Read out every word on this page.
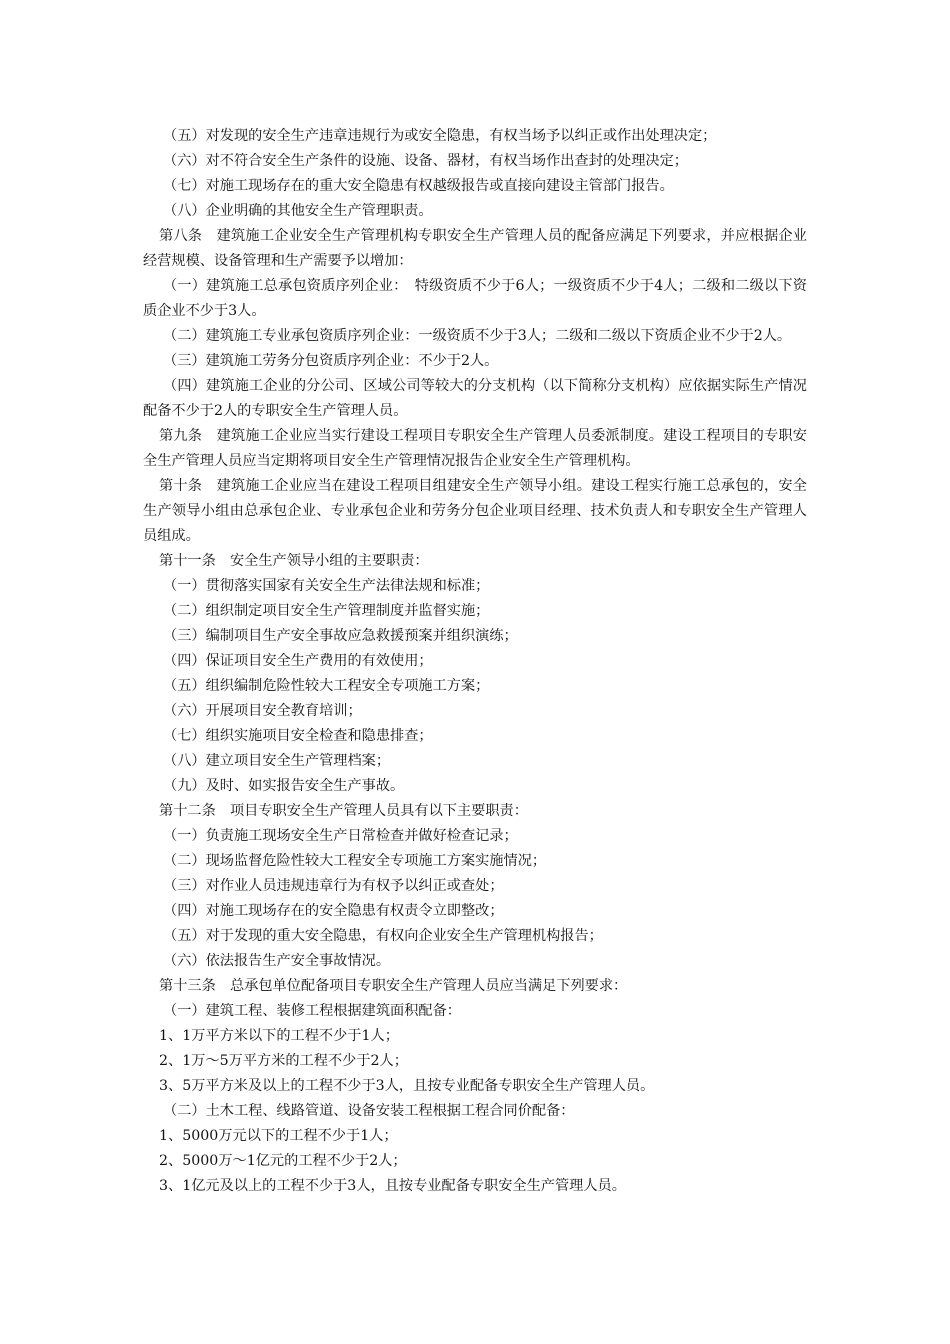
（五）对发现的安全生产违章违规行为或安全隐患，有权当场予以纠正或作出处理决定；

（六）对不符合安全生产条件的设施、设备、器材，有权当场作出查封的处理决定；

（七）对施工现场存在的重大安全隐患有权越级报告或直接向建设主管部门报告。

（八）企业明确的其他安全生产管理职责。

第八条　建筑施工企业安全生产管理机构专职安全生产管理人员的配备应满足下列要求，并应根据企业经营规模、设备管理和生产需要予以增加：

（一）建筑施工总承包资质序列企业：　特级资质不少于6人；一级资质不少于4人；二级和二级以下资质企业不少于3人。

（二）建筑施工专业承包资质序列企业：一级资质不少于3人；二级和二级以下资质企业不少于2人。

（三）建筑施工劳务分包资质序列企业：不少于2人。

（四）建筑施工企业的分公司、区域公司等较大的分支机构（以下简称分支机构）应依据实际生产情况配备不少于2人的专职安全生产管理人员。

第九条　建筑施工企业应当实行建设工程项目专职安全生产管理人员委派制度。建设工程项目的专职安全生产管理人员应当定期将项目安全生产管理情况报告企业安全生产管理机构。

第十条　建筑施工企业应当在建设工程项目组建安全生产领导小组。建设工程实行施工总承包的，安全生产领导小组由总承包企业、专业承包企业和劳务分包企业项目经理、技术负责人和专职安全生产管理人员组成。

第十一条　安全生产领导小组的主要职责：

（一）贯彻落实国家有关安全生产法律法规和标准；

（二）组织制定项目安全生产管理制度并监督实施；

（三）编制项目生产安全事故应急救援预案并组织演练；

（四）保证项目安全生产费用的有效使用；

（五）组织编制危险性较大工程安全专项施工方案；

（六）开展项目安全教育培训；

（七）组织实施项目安全检查和隐患排查；

（八）建立项目安全生产管理档案；

（九）及时、如实报告安全生产事故。

第十二条　项目专职安全生产管理人员具有以下主要职责：

（一）负责施工现场安全生产日常检查并做好检查记录；

（二）现场监督危险性较大工程安全专项施工方案实施情况；

（三）对作业人员违规违章行为有权予以纠正或查处；

（四）对施工现场存在的安全隐患有权责令立即整改；

（五）对于发现的重大安全隐患，有权向企业安全生产管理机构报告；

（六）依法报告生产安全事故情况。

第十三条　总承包单位配备项目专职安全生产管理人员应当满足下列要求：

（一）建筑工程、装修工程根据建筑面积配备：

1、1万平方米以下的工程不少于1人；

2、1万～5万平方米的工程不少于2人；

3、5万平方米及以上的工程不少于3人，且按专业配备专职安全生产管理人员。

（二）土木工程、线路管道、设备安装工程根据工程合同价配备：

1、5000万元以下的工程不少于1人；

2、5000万～1亿元的工程不少于2人；

3、1亿元及以上的工程不少于3人，且按专业配备专职安全生产管理人员。
